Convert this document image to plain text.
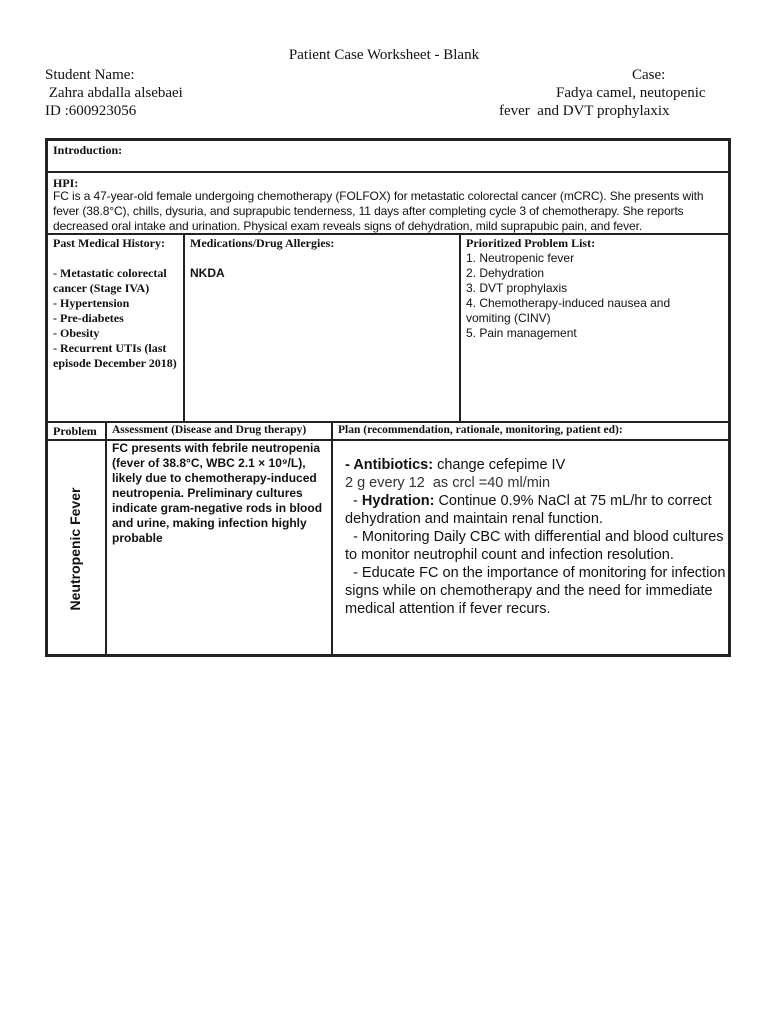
Patient Case Worksheet - Blank
Student Name:
Zahra abdalla alsebaei
ID :600923056
Case:
Fadya camel, neutopenic
fever  and DVT prophylaxix
Introduction:
HPI:
FC is a 47-year-old female undergoing chemotherapy (FOLFOX) for metastatic colorectal cancer (mCRC). She presents with fever (38.8°C), chills, dysuria, and suprapubic tenderness, 11 days after completing cycle 3 of chemotherapy. She reports decreased oral intake and urination. Physical exam reveals signs of dehydration, mild suprapubic pain, and fever.
Past Medical History:
- Metastatic colorectal cancer (Stage IVA)
- Hypertension
- Pre-diabetes
- Obesity
- Recurrent UTIs (last episode December 2018)
Medications/Drug Allergies:
NKDA
Prioritized Problem List:
1. Neutropenic fever
2. Dehydration
3. DVT prophylaxis
4. Chemotherapy-induced nausea and vomiting (CINV)
5. Pain management
Problem Assessment (Disease and Drug therapy)	Plan (recommendation, rationale, monitoring, patient ed):
Neutropenic Fever
FC presents with febrile neutropenia (fever of 38.8°C, WBC 2.1 × 10⁹/L), likely due to chemotherapy-induced neutropenia. Preliminary cultures indicate gram-negative rods in blood and urine, making infection highly probable
- Antibiotics: change cefepime IV
2 g every 12  as crcl =40 ml/min
- Hydration: Continue 0.9% NaCl at 75 mL/hr to correct dehydration and maintain renal function.
- Monitoring Daily CBC with differential and blood cultures to monitor neutrophil count and infection resolution.
- Educate FC on the importance of monitoring for infection signs while on chemotherapy and the need for immediate medical attention if fever recurs.
